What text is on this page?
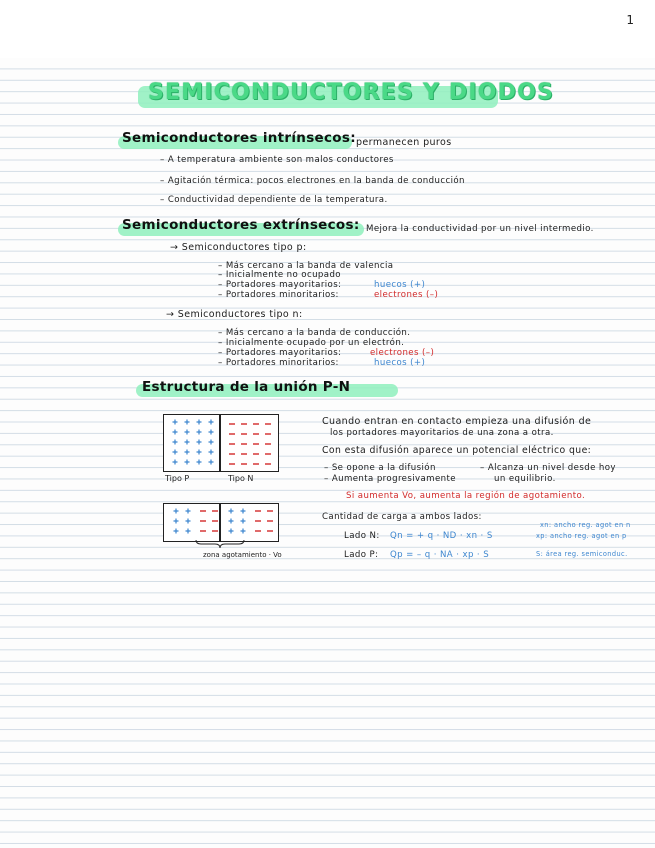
1
SEMICONDUCTORES Y DIODOS
Semiconductores intrínsecos: permanecen puros
– A temperatura ambiente son malos conductores
– Agitación térmica: pocos electrones en la banda de conducción
– Conductividad dependiente de la temperatura.
Semiconductores extrínsecos: Mejora la conductividad por un nivel intermedio.
→ Semiconductores tipo p:
– Más cercano a la banda de valencia
– Inicialmente no ocupado
– Portadores mayoritarios:	huecos (+)
– Portadores minoritarios:	electrones (–)
→ Semiconductores tipo n:
– Más cercano a la banda de conducción.
– Inicialmente ocupado por un electrón.
– Portadores mayoritarios:	electrones (–)
– Portadores minoritarios:	huecos (+)
Estructura de la unión P-N
Tipo P	Tipo N
zona agotamiento · Vo
Cuando entran en contacto empieza una difusión de
los portadores mayoritarios de una zona a otra.
Con esta difusión aparece un potencial eléctrico que:
– Se opone a la difusión	– Alcanza un nivel desde hoy
– Aumenta progresivamente	un equilibrio.
Si aumenta Vo, aumenta la región de agotamiento.
Cantidad de carga a ambos lados:
Lado N: Qn = + q · ND · xn · S
Lado P: Qp = – q · NA · xp · S
xn: ancho reg. agot en n
xp: ancho reg. agot en p
S: área reg. semiconduc.
